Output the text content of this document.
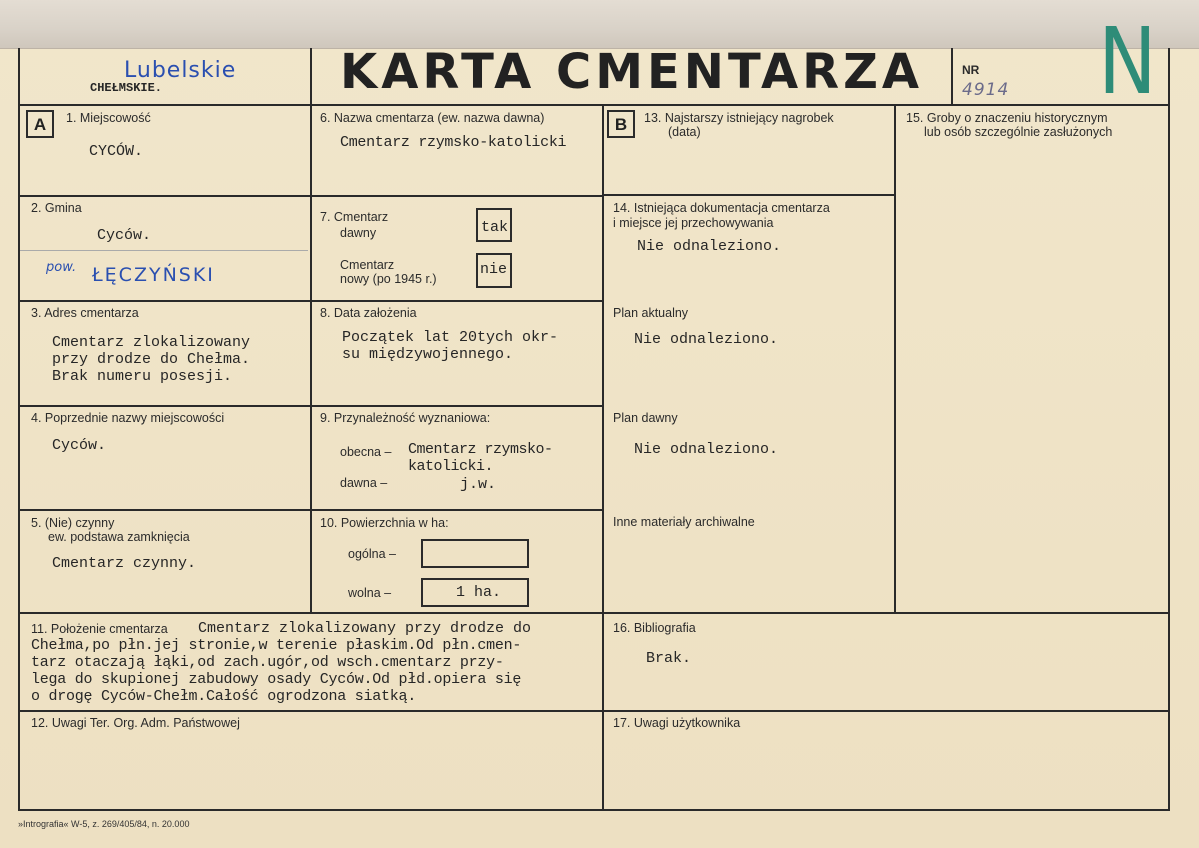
Lubelskie
CHEŁMSKIE.	KARTA CMENTARZA	NR
4914 N
A	B
1. Miejscowość
CYCÓW.
2. Gmina
Cyców.
pow. ŁĘCZYŃSKI
3. Adres cmentarza
Cmentarz zlokalizowany
przy drodze do Chełma.
Brak numeru posesji.
4. Poprzednie nazwy miejscowości
Cyców.
5. (Nie) czynny
ew. podstawa zamknięcia
Cmentarz czynny.
6. Nazwa cmentarza (ew. nazwa dawna)
Cmentarz rzymsko-katolicki
7. Cmentarz
dawny	tak
Cmentarz
nowy (po 1945 r.)
nie
8. Data założenia
Początek lat 20tych okr-
su międzywojennego.
9. Przynależność wyznaniowa:
obecna – Cmentarz rzymsko-
katolicki.
dawna –	j.w.
10. Powierzchnia w ha:
ogólna –
wolna –	1 ha.
13. Najstarszy istniejący nagrobek
(data)
14. Istniejąca dokumentacja cmentarza
i miejsce jej przechowywania
Nie odnaleziono.
Plan aktualny
Nie odnaleziono.
Plan dawny
Nie odnaleziono.
Inne materiały archiwalne
15. Groby o znaczeniu historycznym
lub osób szczególnie zasłużonych
11. Położenie cmentarza Cmentarz zlokalizowany przy drodze do
Chełma,po płn.jej stronie,w terenie płaskim.Od płn.cmen-
tarz otaczają łąki,od zach.ugór,od wsch.cmentarz przy-
lega do skupionej zabudowy osady Cyców.Od płd.opiera się
o drogę Cyców-Chełm.Całość ogrodzona siatką.
16. Bibliografia
Brak.
12. Uwagi Ter. Org. Adm. Państwowej	17. Uwagi użytkownika
»Intrografia« W-5, z. 269/405/84, n. 20.000
